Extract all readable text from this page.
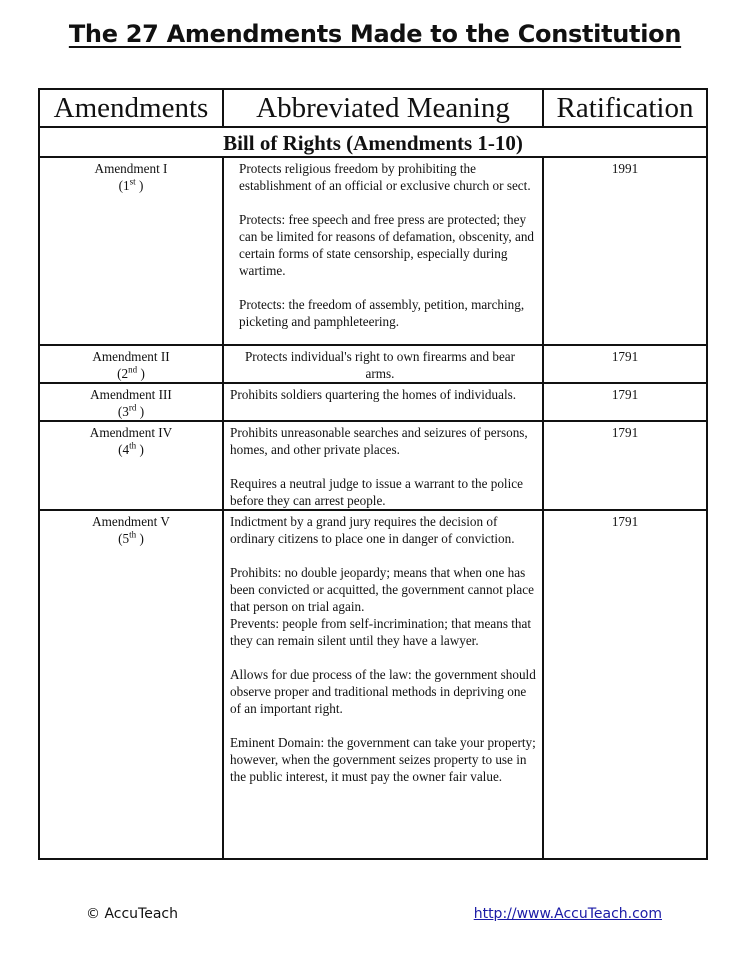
The 27 Amendments Made to the Constitution
Amendments	Abbreviated Meaning	Ratification
Bill of Rights (Amendments 1-10)		
Amendment I
(1st )	Protects religious freedom by prohibiting the establishment of an official or exclusive church or sect.
Protects: free speech and free press are protected; they can be limited for reasons of defamation, obscenity, and certain forms of state censorship, especially during wartime.
Protects: the freedom of assembly, petition, marching, picketing and pamphleteering.	1991
Amendment II
(2nd )	Protects individual's right to own firearms and bear arms.	1791
Amendment III
(3rd )	Prohibits soldiers quartering the homes of individuals.	1791
Amendment IV
(4th )	Prohibits unreasonable searches and seizures of persons, homes, and other private places.
Requires a neutral judge to issue a warrant to the police before they can arrest people.	1791
Amendment V
(5th )	Indictment by a grand jury requires the decision of ordinary citizens to place one in danger of conviction.
Prohibits: no double jeopardy; means that when one has been convicted or acquitted, the government cannot place that person on trial again.
Prevents: people from self-incrimination; that means that they can remain silent until they have a lawyer.
Allows for due process of the law: the government should observe proper and traditional methods in depriving one of an important right.
Eminent Domain: the government can take your property; however, when the government seizes property to use in the public interest, it must pay the owner fair value.	1791
© AccuTeach	http://www.AccuTeach.com
